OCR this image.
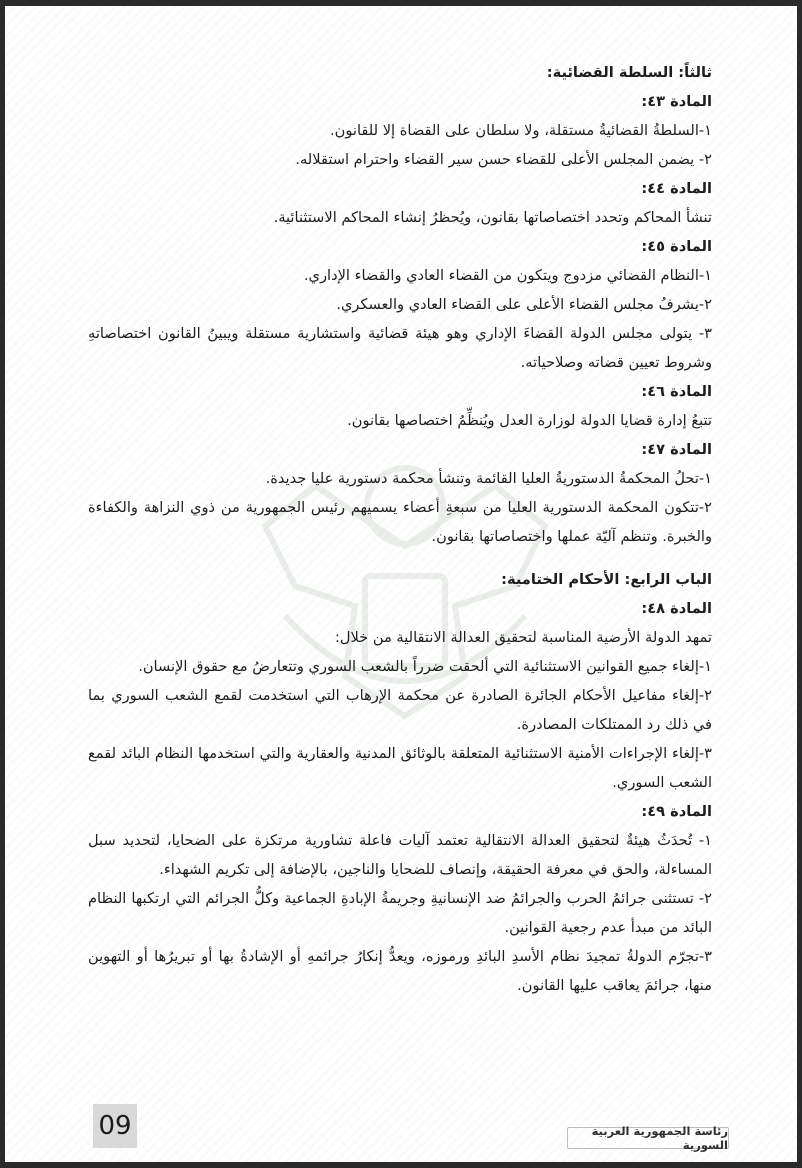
ثالثاً: السلطة القضائية:

المادة ٤٣:

١-السلطةُ القضائيةُ مستقلة، ولا سلطان على القضاة إلا للقانون.

٢- يضمن المجلس الأعلى للقضاء حسن سير القضاء واحترام استقلاله.

المادة ٤٤:

تنشأ المحاكم وتحدد اختصاصاتها بقانون، ويُحظرُ إنشاء المحاكم الاستثنائية.

المادة ٤٥:

١-النظام القضائي مزدوج ويتكون من القضاء العادي والقضاء الإداري.

٢-يشرفُ مجلس القضاء الأعلى على القضاء العادي والعسكري.

٣- يتولى مجلس الدولة القضاءَ الإداري وهو هيئة قضائية واستشارية مستقلة ويبينُ القانون اختصاصاتهِ وشروط تعيين قضاته وصلاحياته.

المادة ٤٦:

تتبعُ إدارة قضايا الدولة لوزارة العدل ويُنظِّمُ اختصاصها بقانون.

المادة ٤٧:

١-تحلُ المحكمةُ الدستوريةُ العليا القائمة وتنشأ محكمة دستورية عليا جديدة.

٢-تتكون المحكمة الدستورية العليا من سبعةِ أعضاء يسميهم رئيس الجمهورية من ذوي النزاهة والكفاءة والخبرة. وتنظم آليّة عملها واختصاصاتها بقانون.

الباب الرابع: الأحكام الختامية:

المادة ٤٨:

تمهد الدولة الأرضية المناسبة لتحقيق العدالة الانتقالية من خلال:

١-إلغاء جميع القوانين الاستثنائية التي ألحقت ضرراً بالشعب السوري وتتعارضُ مع حقوق الإنسان.

٢-إلغاء مفاعيل الأحكام الجائرة الصادرة عن محكمة الإرهاب التي استخدمت لقمع الشعب السوري بما في ذلك رد الممتلكات المصادرة.

٣-إلغاء الإجراءات الأمنية الاستثنائية المتعلقة بالوثائق المدنية والعقارية والتي استخدمها النظام البائد لقمع الشعب السوري.

المادة ٤٩:

١- تُحدَثُ هيئةٌ لتحقيق العدالة الانتقالية تعتمد آليات فاعلة تشاورية مرتكزة على الضحايا، لتحديد سبل المساءلة، والحق في معرفة الحقيقة، وإنصاف للضحايا والناجين، بالإضافة إلى تكريم الشهداء.

٢- تستثنى جرائمُ الحرب والجرائمُ ضد الإنسانيةِ وجريمةُ الإبادةِ الجماعية وكلُّ الجرائم التي ارتكبها النظام البائد من مبدأ عدم رجعية القوانين.

٣-تجرّم الدولةُ تمجيدَ نظام الأسدِ البائدِ ورموزه، ويعدُّ إنكارُ جرائمهِ أو الإشادةُ بها أو تبريرُها أو التهوين منها، جرائمَ يعاقب عليها القانون.

09	رئاسة الجمهورية العربية السورية
